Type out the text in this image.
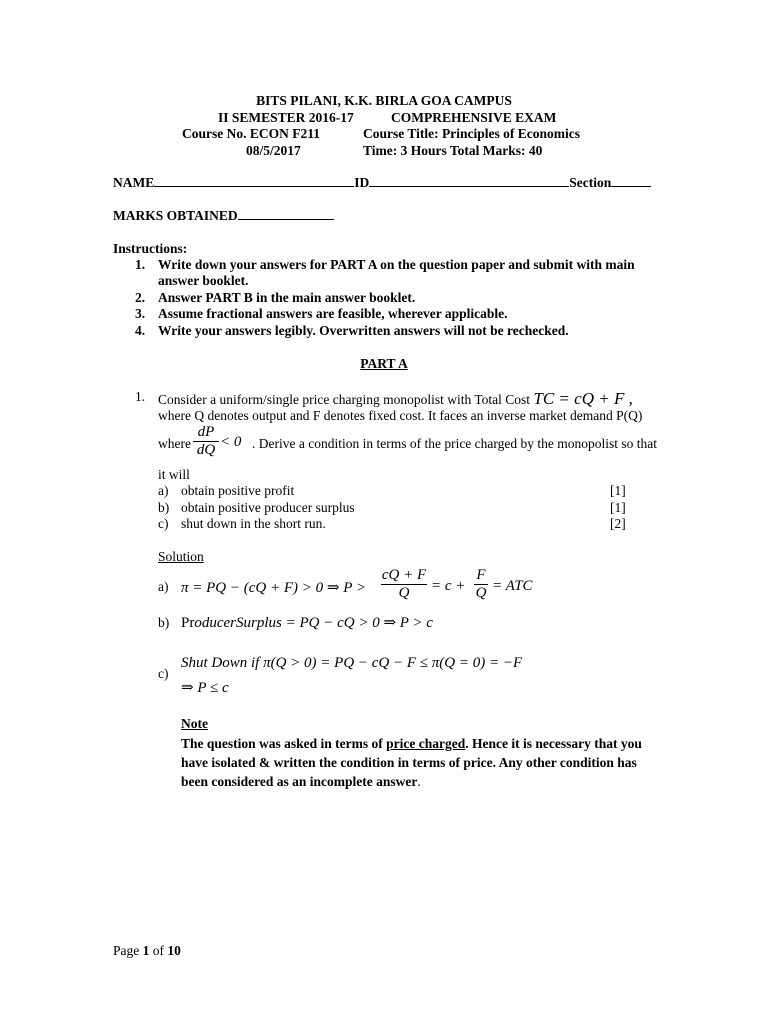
BITS PILANI, K.K. BIRLA GOA CAMPUS
II SEMESTER 2016-17	COMPREHENSIVE EXAM
Course No. ECON F211	Course Title: Principles of Economics
08/5/2017	Time: 3 Hours Total Marks: 40
NAME	ID	Section
MARKS OBTAINED
Instructions:
1. Write down your answers for PART A on the question paper and submit with main
answer booklet.
2. Answer PART B in the main answer booklet.
3. Assume fractional answers are feasible, wherever applicable.
4. Write your answers legibly. Overwritten answers will not be rechecked.
PART A
1. Consider a uniform/single price charging monopolist with Total Cost TC = cQ + F ,
where Q denotes output and F denotes fixed cost. It faces an inverse market demand P(Q)
where $\frac{dP}{dQ} < 0$ . Derive a condition in terms of the price charged by the monopolist so that
it will
a) obtain positive profit	[1]
b) obtain positive producer surplus	[1]
c) shut down in the short run.	[2]
Solution
a) π = PQ − (cQ + F) > 0 ⇒ $P > \frac{cQ + F}{Q} = c + \frac{F}{Q}$ = ATC
b) ProducerSurplus = PQ − cQ > 0 ⇒ P > c
c)
Shut Down if π(Q > 0) = PQ − cQ − F ≤ π(Q = 0) = −F
⇒ P ≤ c
Note
The question was asked in terms of price charged. Hence it is necessary that you
have isolated & written the condition in terms of price. Any other condition has
been considered as an incomplete answer.
Page 1 of 10
